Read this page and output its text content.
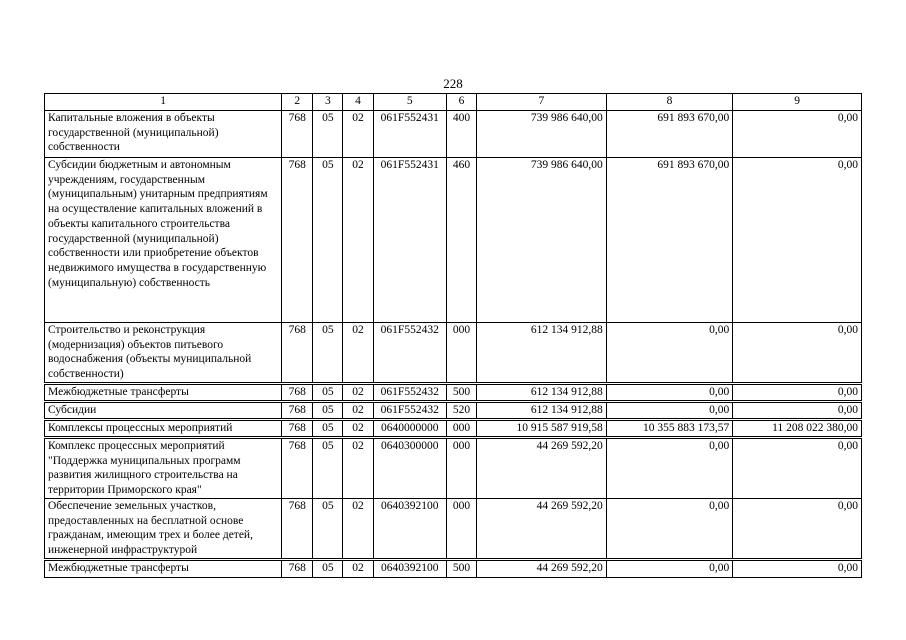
228
1	2	3	4	5	6	7	8	9
Капитальные вложения в объекты государственной (муниципальной) собственности	768	05	02	061F552431	400	739 986 640,00	691 893 670,00	0,00
Субсидии бюджетным и автономным учреждениям, государственным (муниципальным) унитарным предприятиям на осуществление капитальных вложений в объекты капитального строительства государственной (муниципальной) собственности или приобретение объектов недвижимого имущества в государственную (муниципальную) собственность	768	05	02	061F552431	460	739 986 640,00	691 893 670,00	0,00
Строительство и реконструкция (модернизация) объектов питьевого водоснабжения (объекты муниципальной собственности)	768	05	02	061F552432	000	612 134 912,88	0,00	0,00
Межбюджетные трансферты	768	05	02	061F552432	500	612 134 912,88	0,00	0,00
Субсидии	768	05	02	061F552432	520	612 134 912,88	0,00	0,00
Комплексы процессных мероприятий	768	05	02	0640000000	000	10 915 587 919,58	10 355 883 173,57	11 208 022 380,00
Комплекс процессных мероприятий "Поддержка муниципальных программ развития жилищного строительства на территории Приморского края"	768	05	02	0640300000	000	44 269 592,20	0,00	0,00
Обеспечение земельных участков, предоставленных на бесплатной основе гражданам, имеющим трех и более детей, инженерной инфраструктурой	768	05	02	0640392100	000	44 269 592,20	0,00	0,00
Межбюджетные трансферты	768	05	02	0640392100	500	44 269 592,20	0,00	0,00
